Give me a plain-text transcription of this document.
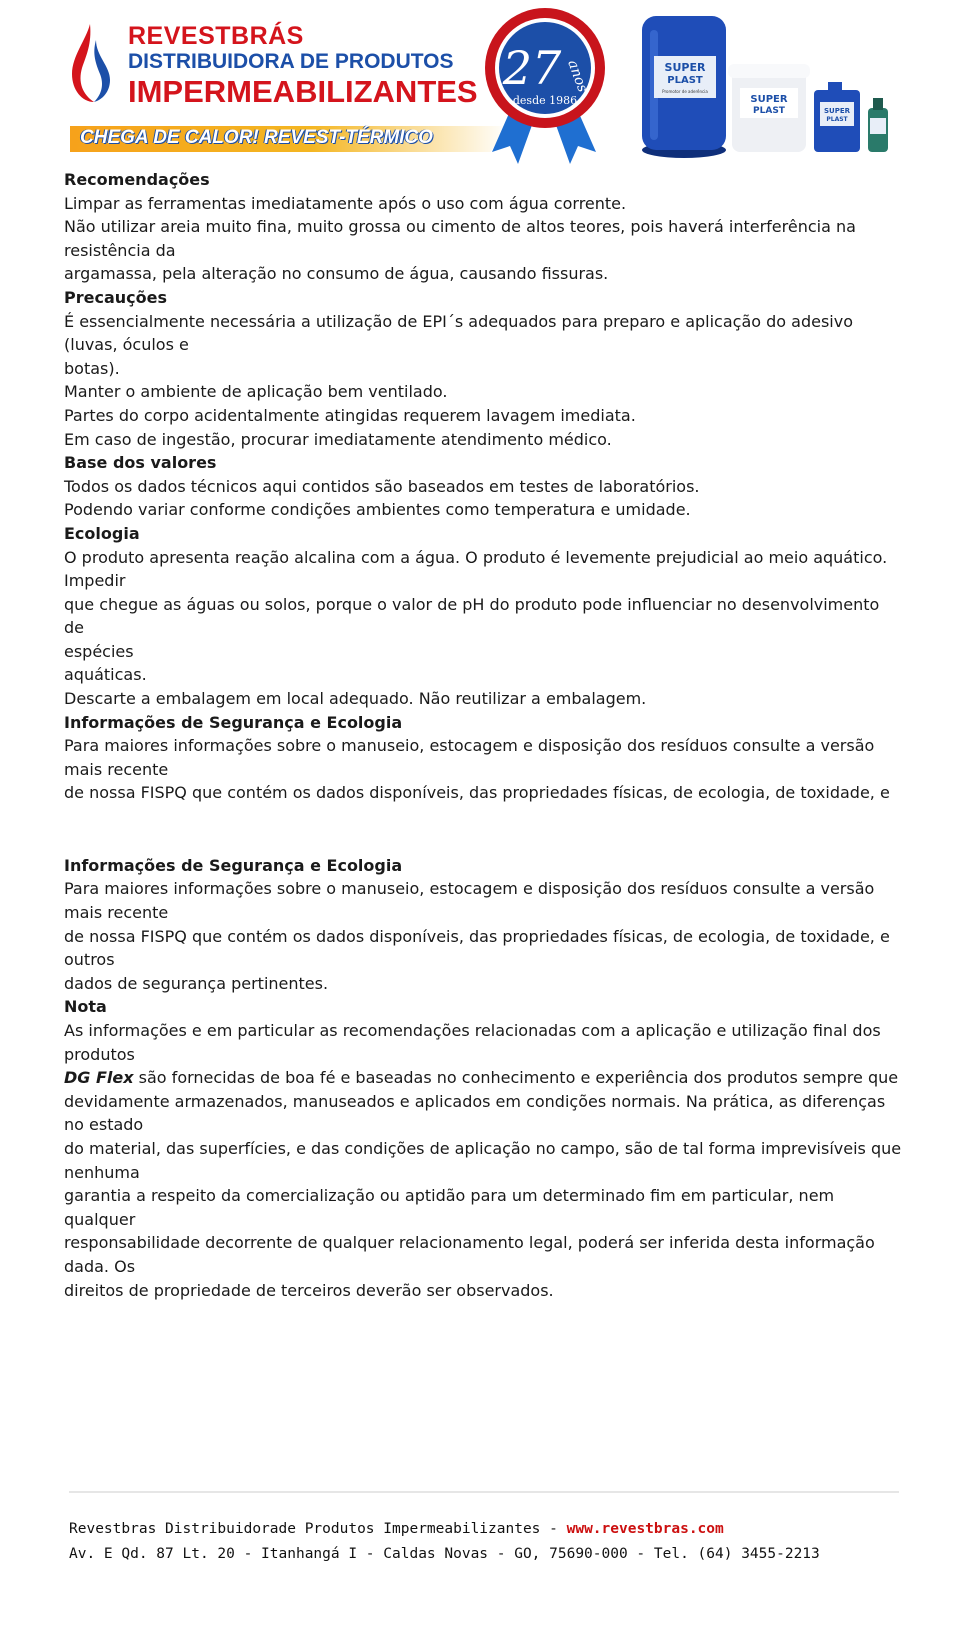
REVESTBRÁS
DISTRIBUIDORA DE PRODUTOS
IMPERMEABILIZANTES
CHEGA DE CALOR! REVEST-TÉRMICO
27 anos
desde 1986
SUPER
PLAST
Promotor de aderência
SUPER
PLAST	SUPER
PLAST

Recomendações

Limpar as ferramentas imediatamente após o uso com água corrente.

Não utilizar areia muito fina, muito grossa ou cimento de altos teores, pois haverá interferência na

resistência da

argamassa, pela alteração no consumo de água, causando fissuras.

Precauções

É essencialmente necessária a utilização de EPI´s adequados para preparo e aplicação do adesivo

(luvas, óculos e

botas).

Manter o ambiente de aplicação bem ventilado.

Partes do corpo acidentalmente atingidas requerem lavagem imediata.

Em caso de ingestão, procurar imediatamente atendimento médico.

Base dos valores

Todos os dados técnicos aqui contidos são baseados em testes de laboratórios.

Podendo variar conforme condições ambientes como temperatura e umidade.

Ecologia

O produto apresenta reação alcalina com a água. O produto é levemente prejudicial ao meio aquático.

Impedir

que chegue as águas ou solos, porque o valor de pH do produto pode influenciar no desenvolvimento de

espécies

aquáticas.

Descarte a embalagem em local adequado. Não reutilizar a embalagem.

Informações de Segurança e Ecologia

Para maiores informações sobre o manuseio, estocagem e disposição dos resíduos consulte a versão

mais recente

de nossa FISPQ que contém os dados disponíveis, das propriedades físicas, de ecologia, de toxidade, e

Informações de Segurança e Ecologia

Para maiores informações sobre o manuseio, estocagem e disposição dos resíduos consulte a versão

mais recente

de nossa FISPQ que contém os dados disponíveis, das propriedades físicas, de ecologia, de toxidade, e

outros

dados de segurança pertinentes.

Nota

As informações e em particular as recomendações relacionadas com a aplicação e utilização final dos

produtos

DG Flex são fornecidas de boa fé e baseadas no conhecimento e experiência dos produtos sempre que

devidamente armazenados, manuseados e aplicados em condições normais. Na prática, as diferenças

no estado

do material, das superfícies, e das condições de aplicação no campo, são de tal forma imprevisíveis que

nenhuma

garantia a respeito da comercialização ou aptidão para um determinado fim em particular, nem

qualquer

responsabilidade decorrente de qualquer relacionamento legal, poderá ser inferida desta informação

dada. Os

direitos de propriedade de terceiros deverão ser observados.

Revestbras Distribuidorade Produtos Impermeabilizantes - www.revestbras.com
Av. E Qd. 87 Lt. 20 - Itanhangá I - Caldas Novas - GO, 75690-000 - Tel. (64) 3455-2213
